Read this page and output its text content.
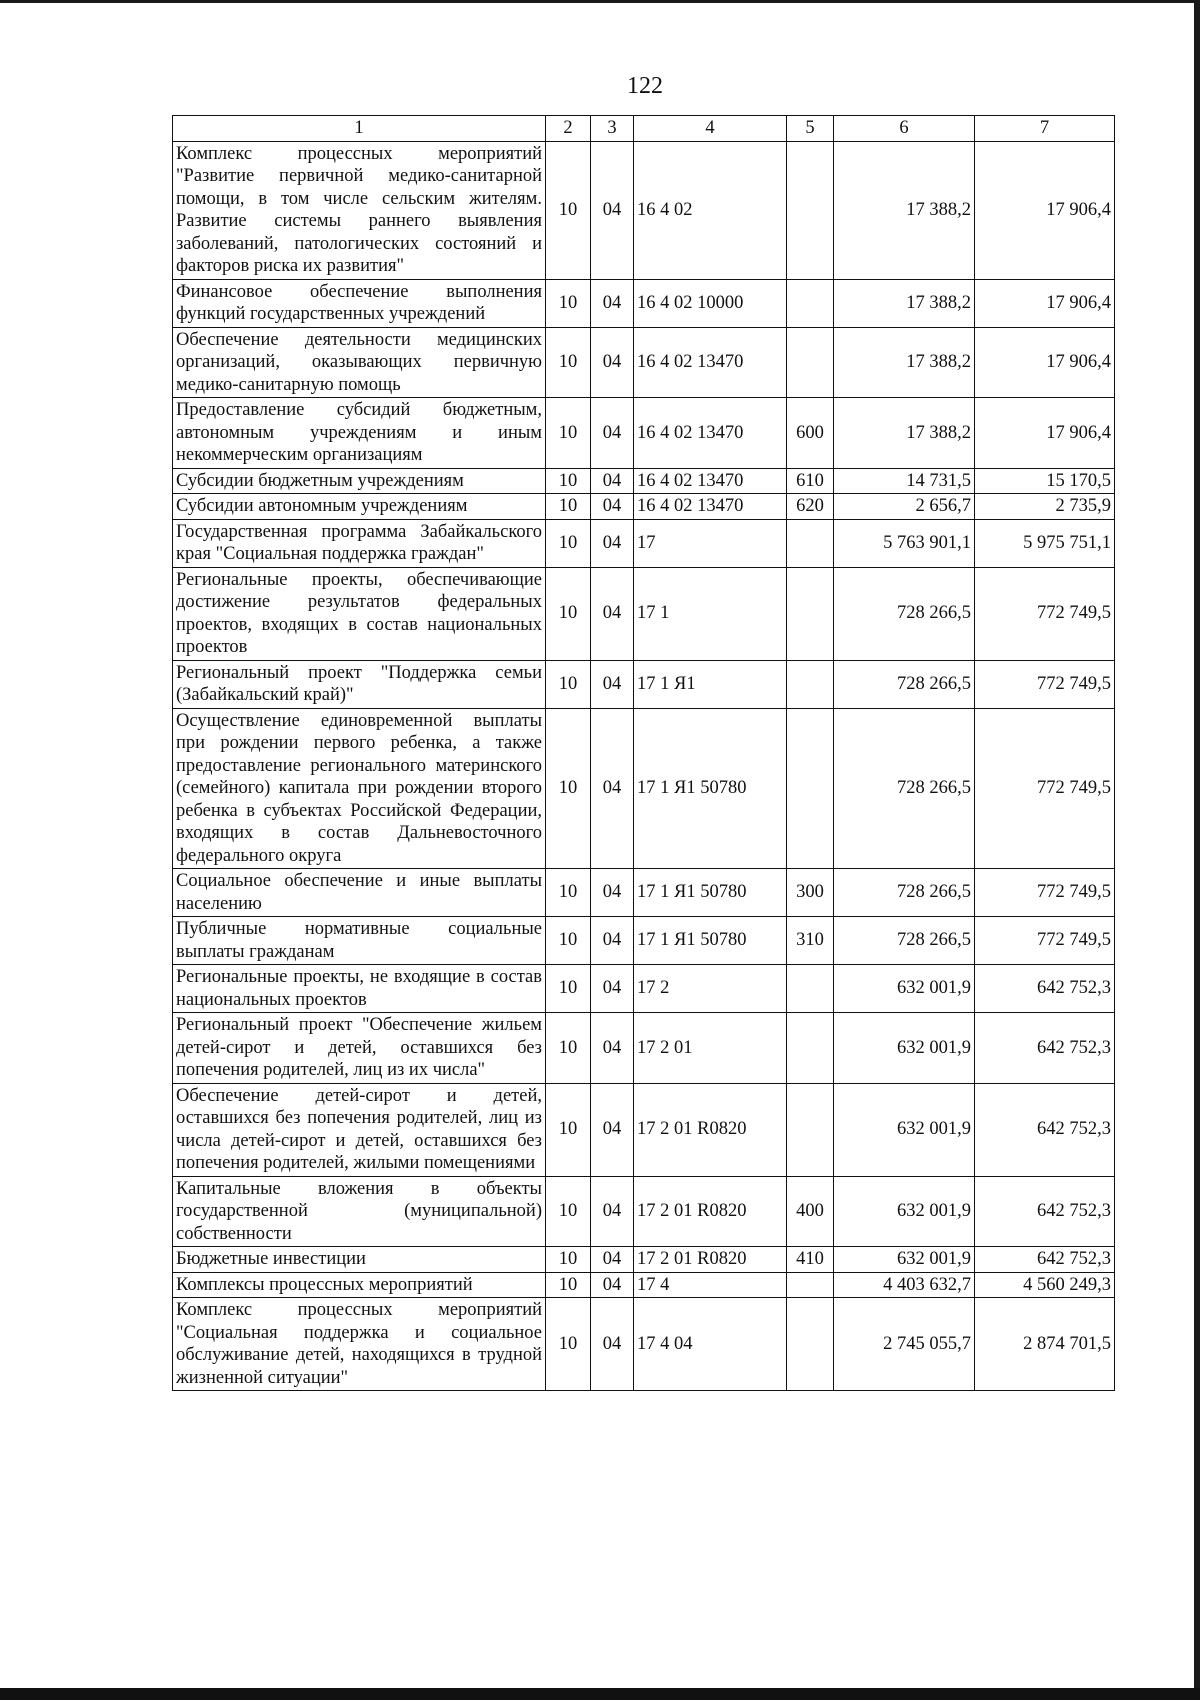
122
1	2	3	4	5	6	7
Комплекс процессных мероприятий "Развитие первичной медико-санитарной помощи, в том числе сельским жителям. Развитие системы раннего выявления заболеваний, патологических состояний и факторов риска их развития"	10	04	16 4 02		17 388,2	17 906,4
Финансовое обеспечение выполнения функций государственных учреждений	10	04	16 4 02 10000		17 388,2	17 906,4
Обеспечение деятельности медицинских организаций, оказывающих первичную медико-санитарную помощь	10	04	16 4 02 13470		17 388,2	17 906,4
Предоставление субсидий бюджетным, автономным учреждениям и иным некоммерческим организациям	10	04	16 4 02 13470	600	17 388,2	17 906,4
Субсидии бюджетным учреждениям	10	04	16 4 02 13470	610	14 731,5	15 170,5
Субсидии автономным учреждениям	10	04	16 4 02 13470	620	2 656,7	2 735,9
Государственная программа Забайкальского края "Социальная поддержка граждан"	10	04	17		5 763 901,1	5 975 751,1
Региональные проекты, обеспечивающие достижение результатов федеральных проектов, входящих в состав национальных проектов	10	04	17 1		728 266,5	772 749,5
Региональный проект "Поддержка семьи (Забайкальский край)"	10	04	17 1 Я1		728 266,5	772 749,5
Осуществление единовременной выплаты при рождении первого ребенка, а также предоставление регионального материнского (семейного) капитала при рождении второго ребенка в субъектах Российской Федерации, входящих в состав Дальневосточного федерального округа	10	04	17 1 Я1 50780		728 266,5	772 749,5
Социальное обеспечение и иные выплаты населению	10	04	17 1 Я1 50780	300	728 266,5	772 749,5
Публичные нормативные социальные выплаты гражданам	10	04	17 1 Я1 50780	310	728 266,5	772 749,5
Региональные проекты, не входящие в состав национальных проектов	10	04	17 2		632 001,9	642 752,3
Региональный проект "Обеспечение жильем детей-сирот и детей, оставшихся без попечения родителей, лиц из их числа"	10	04	17 2 01		632 001,9	642 752,3
Обеспечение детей-сирот и детей, оставшихся без попечения родителей, лиц из числа детей-сирот и детей, оставшихся без попечения родителей, жилыми помещениями	10	04	17 2 01 R0820		632 001,9	642 752,3
Капитальные вложения в объекты государственной (муниципальной) собственности	10	04	17 2 01 R0820	400	632 001,9	642 752,3
Бюджетные инвестиции	10	04	17 2 01 R0820	410	632 001,9	642 752,3
Комплексы процессных мероприятий	10	04	17 4		4 403 632,7	4 560 249,3
Комплекс процессных мероприятий "Социальная поддержка и социальное обслуживание детей, находящихся в трудной жизненной ситуации"	10	04	17 4 04		2 745 055,7	2 874 701,5
